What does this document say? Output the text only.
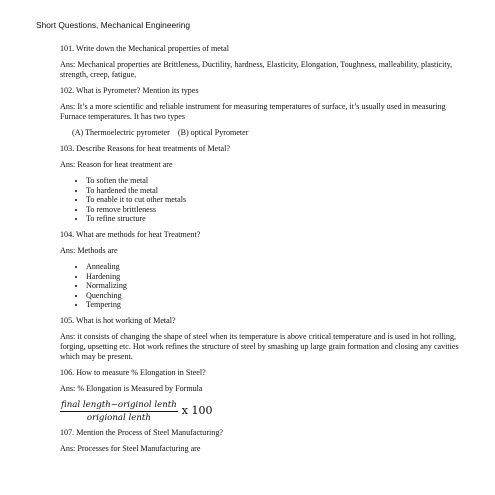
Short Questions, Mechanical Engineering

101. Write down the Mechanical properties of metal

Ans: Mechanical properties are Brittleness, Ductility, hardness, Elasticity, Elongation, Toughness, malleability, plasticity, strength, creep, fatigue,

102. What is Pyrometer? Mention its types

Ans: It’s a more scientific and reliable instrument for measuring temperatures of surface, it’s usually used in measuring Furnace temperatures. It has two types

(A) Thermoelectric pyrometer (B) optical Pyrometer

103. Describe Reasons for heat treatments of Metal?

Ans: Reason for heat treatment are

• To soften the metal
• To hardened the metal
• To enable it to cut other metals
• To remove brittleness
• To refine structure

104. What are methods for heat Treatment?

Ans: Methods are

• Annealing
• Hardening
• Normalizing
• Quenching
• Tempering

105. What is hot working of Metal?

Ans: it consists of changing the shape of steel when its temperature is above critical temperature and is used in hot rolling, forging, upsetting etc. Hot work refines the structure of steel by smashing up large grain formation and closing any cavities which may be present.

106. How to measure % Elongation in Steel?

Ans: % Elongation is Measured by Formula

$\frac{\text{final length−originol lenth}}{\text{origional lenth}}$ x 100

107. Mention the Process of Steel Manufacturing?

Ans: Processes for Steel Manufacturing are
